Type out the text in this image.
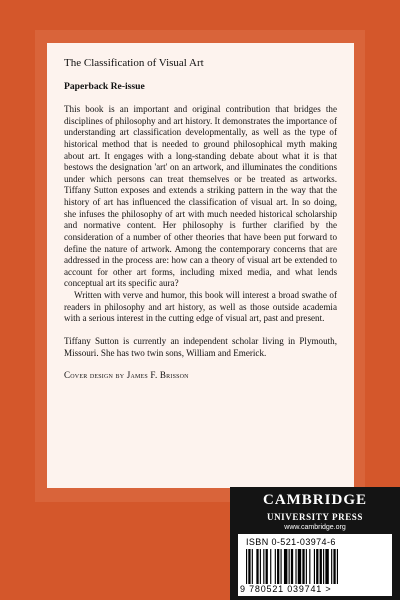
The Classification of Visual Art

Paperback Re-issue

This book is an important and original contribution that bridges the disciplines of philosophy and art history. It demonstrates the importance of understanding art classification developmentally, as well as the type of historical method that is needed to ground philosophical myth making about art. It engages with a long-standing debate about what it is that bestows the designation 'art' on an artwork, and illuminates the conditions under which persons can treat themselves or be treated as artworks. Tiffany Sutton exposes and extends a striking pattern in the way that the history of art has influenced the classification of visual art. In so doing, she infuses the philosophy of art with much needed historical scholarship and normative content. Her philosophy is further clarified by the consideration of a number of other theories that have been put forward to define the nature of artwork. Among the contemporary concerns that are addressed in the process are: how can a theory of visual art be extended to account for other art forms, including mixed media, and what lends conceptual art its specific aura?

Written with verve and humor, this book will interest a broad swathe of readers in philosophy and art history, as well as those outside academia with a serious interest in the cutting edge of visual art, past and present.

Tiffany Sutton is currently an independent scholar living in Plymouth, Missouri. She has two twin sons, William and Emerick.

Cover design by James F. Brisson

CAMBRIDGE
UNIVERSITY PRESS
www.cambridge.org
ISBN 0-521-03974-6
9 780521 039741 >
